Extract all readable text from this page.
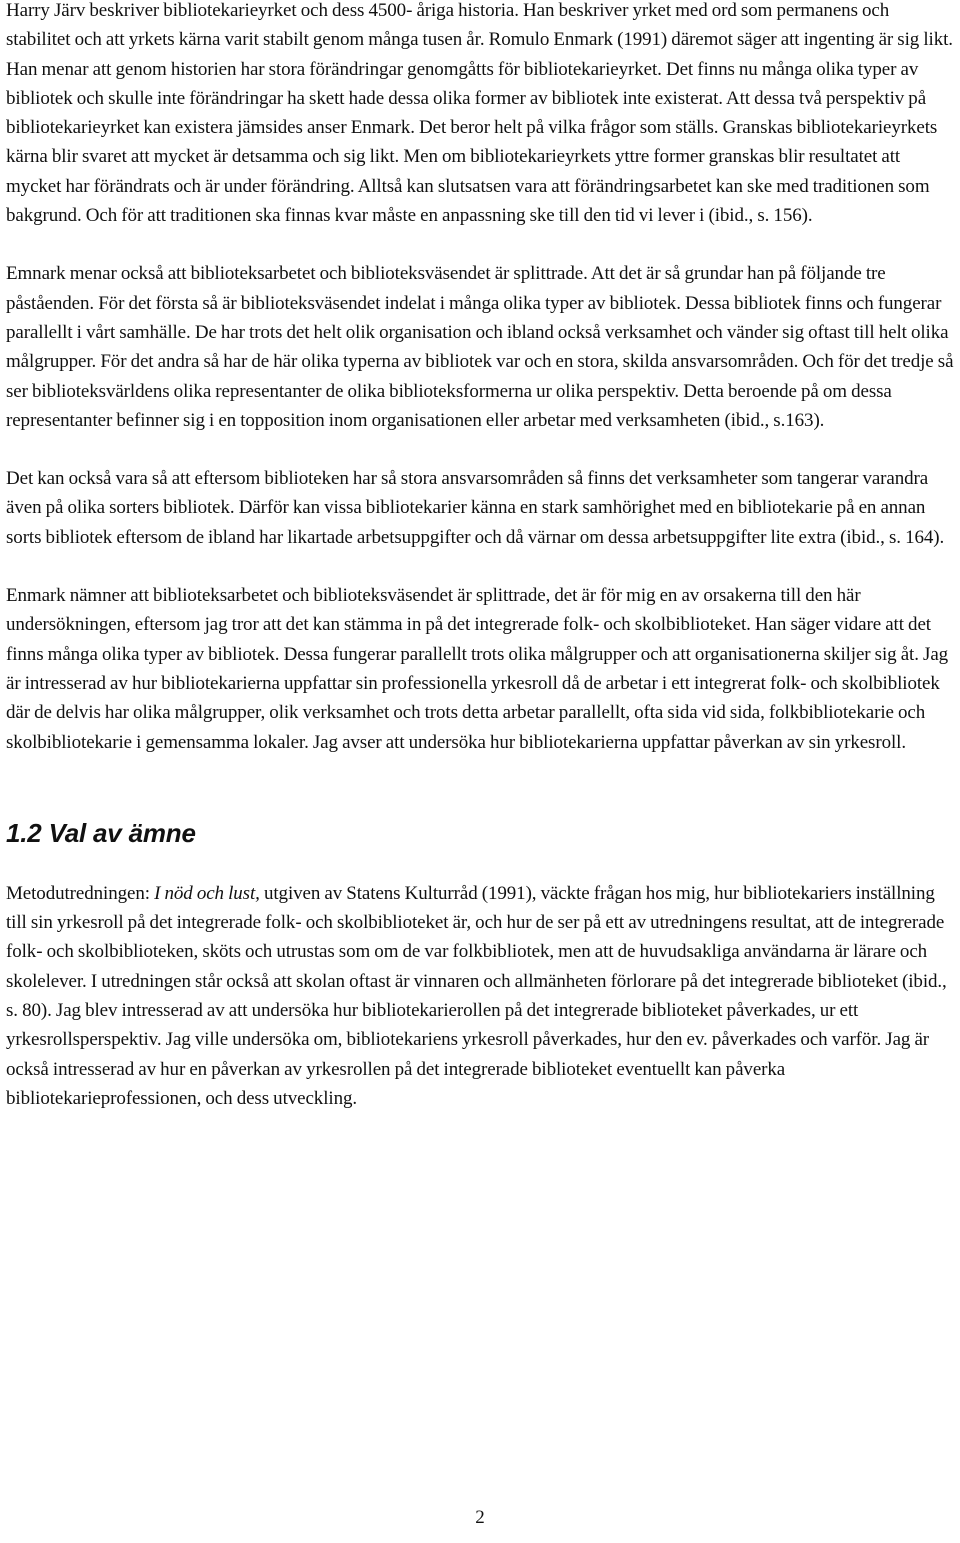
Harry Järv beskriver bibliotekarieyrket och dess 4500- åriga historia. Han beskriver yrket med ord som permanens och stabilitet och att yrkets kärna varit stabilt genom många tusen år. Romulo Enmark (1991) däremot säger att ingenting är sig likt. Han menar att genom historien har stora förändringar genomgåtts för bibliotekarieyrket. Det finns nu många olika typer av bibliotek och skulle inte förändringar ha skett hade dessa olika former av bibliotek inte existerat. Att dessa två perspektiv på bibliotekarieyrket kan existera jämsides anser Enmark. Det beror helt på vilka frågor som ställs. Granskas bibliotekarieyrkets kärna blir svaret att mycket är detsamma och sig likt. Men om bibliotekarieyrkets yttre former granskas blir resultatet att mycket har förändrats och är under förändring. Alltså kan slutsatsen vara att förändringsarbetet kan ske med traditionen som bakgrund. Och för att traditionen ska finnas kvar måste en anpassning ske till den tid vi lever i (ibid., s. 156).

Emnark menar också att biblioteksarbetet och biblioteksväsendet är splittrade. Att det är så grundar han på följande tre påståenden. För det första så är biblioteksväsendet indelat i många olika typer av bibliotek. Dessa bibliotek finns och fungerar parallellt i vårt samhälle. De har trots det helt olik organisation och ibland också verksamhet och vänder sig oftast till helt olika målgrupper. För det andra så har de här olika typerna av bibliotek var och en stora, skilda ansvarsområden. Och för det tredje så ser biblioteksvärldens olika representanter de olika biblioteksformerna ur olika perspektiv. Detta beroende på om dessa representanter befinner sig i en topposition inom organisationen eller arbetar med verksamheten (ibid., s.163).

Det kan också vara så att eftersom biblioteken har så stora ansvarsområden så finns det verksamheter som tangerar varandra även på olika sorters bibliotek. Därför kan vissa bibliotekarier känna en stark samhörighet med en bibliotekarie på en annan sorts bibliotek eftersom de ibland har likartade arbetsuppgifter och då värnar om dessa arbetsuppgifter lite extra (ibid., s. 164).

Enmark nämner att biblioteksarbetet och biblioteksväsendet är splittrade, det är för mig en av orsakerna till den här undersökningen, eftersom jag tror att det kan stämma in på det integrerade folk- och skolbiblioteket. Han säger vidare att det finns många olika typer av bibliotek. Dessa fungerar parallellt trots olika målgrupper och att organisationerna skiljer sig åt. Jag är intresserad av hur bibliotekarierna uppfattar sin professionella yrkesroll då de arbetar i ett integrerat folk- och skolbibliotek där de delvis har olika målgrupper, olik verksamhet och trots detta arbetar parallellt, ofta sida vid sida, folkbibliotekarie och skolbibliotekarie i gemensamma lokaler. Jag avser att undersöka hur bibliotekarierna uppfattar påverkan av sin yrkesroll.

1.2 Val av ämne

Metodutredningen: I nöd och lust, utgiven av Statens Kulturråd (1991), väckte frågan hos mig, hur bibliotekariers inställning till sin yrkesroll på det integrerade folk- och skolbiblioteket är, och hur de ser på ett av utredningens resultat, att de integrerade folk- och skolbiblioteken, sköts och utrustas som om de var folkbibliotek, men att de huvudsakliga användarna är lärare och skolelever. I utredningen står också att skolan oftast är vinnaren och allmänheten förlorare på det integrerade biblioteket (ibid., s. 80). Jag blev intresserad av att undersöka hur bibliotekarierollen på det integrerade biblioteket påverkades, ur ett yrkesrollsperspektiv. Jag ville undersöka om, bibliotekariens yrkesroll påverkades, hur den ev. påverkades och varför. Jag är också intresserad av hur en påverkan av yrkesrollen på det integrerade biblioteket eventuellt kan påverka bibliotekarieprofessionen, och dess utveckling.

2
